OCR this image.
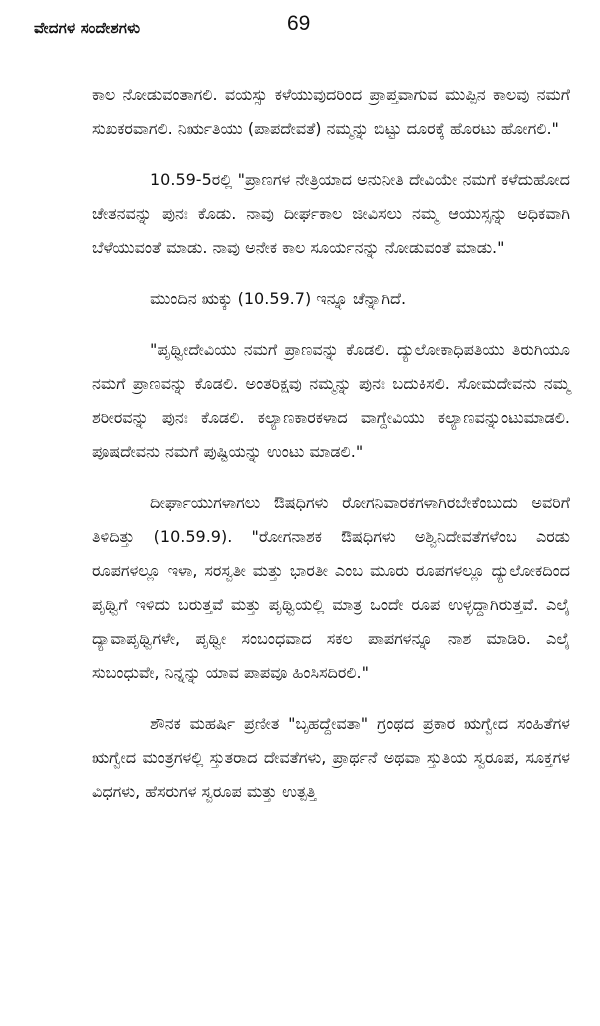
ವೇದಗಳ ಸಂದೇಶಗಳು	69

ಕಾಲ ನೋಡುವಂತಾಗಲಿ. ವಯಸ್ಸು ಕಳೆಯುವುದರಿಂದ ಪ್ರಾಪ್ತವಾಗುವ ಮುಪ್ಪಿನ ಕಾಲವು ನಮಗೆ ಸುಖಕರವಾಗಲಿ. ನಿರ್ಋತಿಯು (ಪಾಪದೇವತೆ) ನಮ್ಮನ್ನು ಬಿಟ್ಟು ದೂರಕ್ಕೆ ಹೊರಟು ಹೋಗಲಿ."

10.59-5ರಲ್ಲಿ "ಪ್ರಾಣಗಳ ನೇತ್ರಿಯಾದ ಅನುನೀತಿ ದೇವಿಯೇ ನಮಗೆ ಕಳೆದುಹೋದ ಚೇತನವನ್ನು ಪುನಃ ಕೊಡು. ನಾವು ದೀರ್ಘಕಾಲ ಜೀವಿಸಲು ನಮ್ಮ ಆಯುಸ್ಸನ್ನು ಅಧಿಕವಾಗಿ ಬೆಳೆಯುವಂತೆ ಮಾಡು. ನಾವು ಅನೇಕ ಕಾಲ ಸೂರ್ಯನನ್ನು ನೋಡುವಂತೆ ಮಾಡು."

ಮುಂದಿನ ಋಕ್ಕು (10.59.7) ಇನ್ನೂ ಚೆನ್ನಾಗಿದೆ.

"ಪೃಥ್ವೀದೇವಿಯು ನಮಗೆ ಪ್ರಾಣವನ್ನು ಕೊಡಲಿ. ದ್ಯುಲೋಕಾಧಿಪತಿಯು ತಿರುಗಿಯೂ ನಮಗೆ ಪ್ರಾಣವನ್ನು ಕೊಡಲಿ. ಅಂತರಿಕ್ಷವು ನಮ್ಮನ್ನು ಪುನಃ ಬದುಕಿಸಲಿ. ಸೋಮದೇವನು ನಮ್ಮ ಶರೀರವನ್ನು ಪುನಃ ಕೊಡಲಿ. ಕಲ್ಯಾಣಕಾರಕಳಾದ ವಾಗ್ದೇವಿಯು ಕಲ್ಯಾಣವನ್ನುಂಟುಮಾಡಲಿ. ಪೂಷದೇವನು ನಮಗೆ ಪುಷ್ಟಿಯನ್ನು ಉಂಟು ಮಾಡಲಿ."

ದೀರ್ಘಾಯುಗಳಾಗಲು ಔಷಧಿಗಳು ರೋಗನಿವಾರಕಗಳಾಗಿರಬೇಕೆಂಬುದು ಅವರಿಗೆ ತಿಳಿದಿತ್ತು (10.59.9). "ರೋಗನಾಶಕ ಔಷಧಿಗಳು ಅಶ್ವಿನಿದೇವತೆಗಳೆಂಬ ಎರಡು ರೂಪಗಳಲ್ಲೂ ಇಳಾ, ಸರಸ್ವತೀ ಮತ್ತು ಭಾರತೀ ಎಂಬ ಮೂರು ರೂಪಗಳಲ್ಲೂ ದ್ಯುಲೋಕದಿಂದ ಪೃಥ್ವಿಗೆ ಇಳಿದು ಬರುತ್ತವೆ ಮತ್ತು ಪೃಥ್ವಿಯಲ್ಲಿ ಮಾತ್ರ ಒಂದೇ ರೂಪ ಉಳ್ಳದ್ದಾಗಿರುತ್ತವೆ. ಎಲೈ ದ್ಯಾವಾಪೃಥ್ವಿಗಳೇ, ಪೃಥ್ವೀ ಸಂಬಂಧವಾದ ಸಕಲ ಪಾಪಗಳನ್ನೂ ನಾಶ ಮಾಡಿರಿ. ಎಲೈ ಸುಬಂಧುವೇ, ನಿನ್ನನ್ನು ಯಾವ ಪಾಪವೂ ಹಿಂಸಿಸದಿರಲಿ."

ಶೌನಕ ಮಹರ್ಷಿ ಪ್ರಣೀತ "ಬೃಹದ್ದೇವತಾ" ಗ್ರಂಥದ ಪ್ರಕಾರ ಋಗ್ವೇದ ಸಂಹಿತೆಗಳ ಋಗ್ವೇದ ಮಂತ್ರಗಳಲ್ಲಿ ಸ್ತುತರಾದ ದೇವತೆಗಳು, ಪ್ರಾರ್ಥನೆ ಅಥವಾ ಸ್ತುತಿಯ ಸ್ವರೂಪ, ಸೂಕ್ತಗಳ ವಿಧಗಳು, ಹೆಸರುಗಳ ಸ್ವರೂಪ ಮತ್ತು ಉತ್ಪತ್ತಿ
